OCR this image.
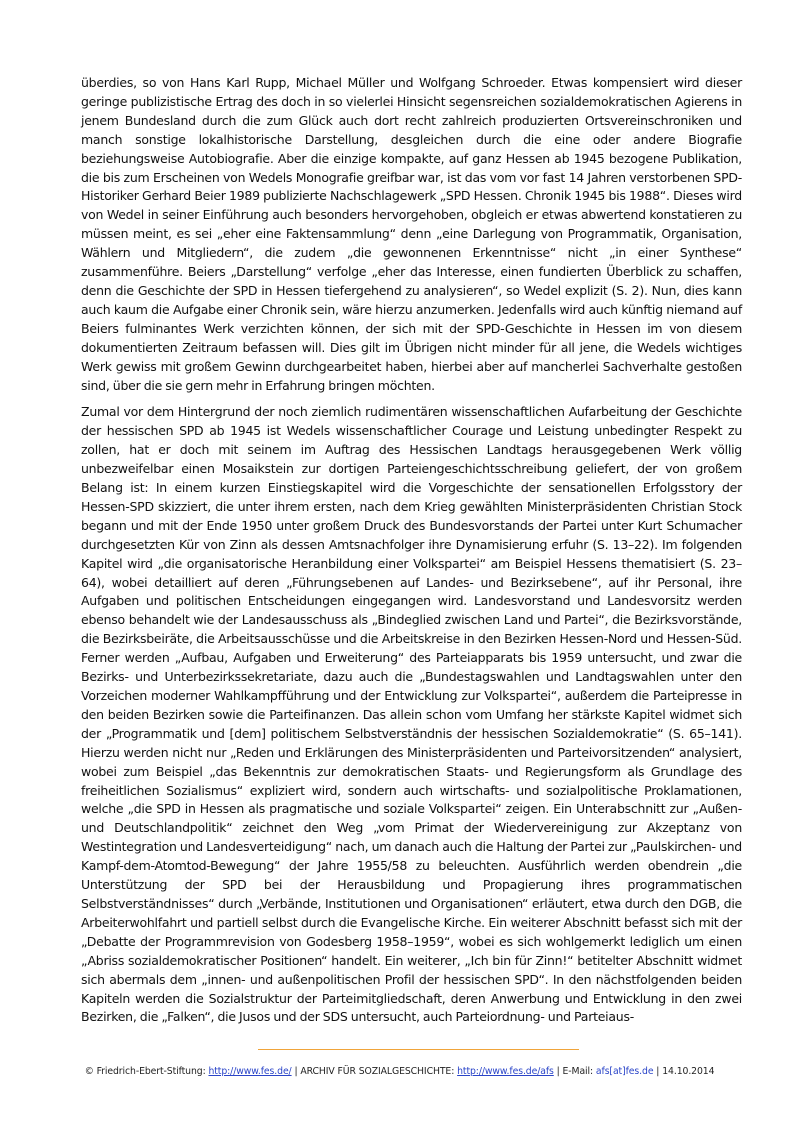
überdies, so von Hans Karl Rupp, Michael Müller und Wolfgang Schroeder. Etwas kompensiert wird dieser geringe publizistische Ertrag des doch in so vielerlei Hinsicht segensreichen sozialdemokratischen Agierens in jenem Bundesland durch die zum Glück auch dort recht zahlreich produzierten Ortsvereinschroniken und manch sonstige lokalhistorische Darstellung, desgleichen durch die eine oder andere Biografie beziehungsweise Autobiografie. Aber die einzige kompakte, auf ganz Hessen ab 1945 bezogene Publikation, die bis zum Erscheinen von Wedels Monografie greifbar war, ist das vom vor fast 14 Jahren verstorbenen SPD-Historiker Gerhard Beier 1989 publizierte Nachschlagewerk „SPD Hessen. Chronik 1945 bis 1988“. Dieses wird von Wedel in seiner Einführung auch besonders hervorgehoben, obgleich er etwas abwertend konstatieren zu müssen meint, es sei „eher eine Faktensammlung“ denn „eine Darlegung von Programmatik, Organisation, Wählern und Mitgliedern“, die zudem „die gewonnenen Erkenntnisse“ nicht „in einer Synthese“ zusammenführe. Beiers „Darstellung“ verfolge „eher das Interesse, einen fundierten Überblick zu schaffen, denn die Geschichte der SPD in Hessen tiefergehend zu analysieren“, so Wedel explizit (S. 2). Nun, dies kann auch kaum die Aufgabe einer Chronik sein, wäre hierzu anzumerken. Jedenfalls wird auch künftig niemand auf Beiers fulminantes Werk verzichten können, der sich mit der SPD-Geschichte in Hessen im von diesem dokumentierten Zeitraum befassen will. Dies gilt im Übrigen nicht minder für all jene, die Wedels wichtiges Werk gewiss mit großem Gewinn durchgearbeitet haben, hierbei aber auf mancherlei Sachverhalte gestoßen sind, über die sie gern mehr in Erfahrung bringen möchten.

Zumal vor dem Hintergrund der noch ziemlich rudimentären wissenschaftlichen Aufarbeitung der Geschichte der hessischen SPD ab 1945 ist Wedels wissenschaftlicher Courage und Leistung unbedingter Respekt zu zollen, hat er doch mit seinem im Auftrag des Hessischen Landtags herausgegebenen Werk völlig unbezweifelbar einen Mosaikstein zur dortigen Parteiengeschichtsschreibung geliefert, der von großem Belang ist: In einem kurzen Einstiegskapitel wird die Vorgeschichte der sensationellen Erfolgsstory der Hessen-SPD skizziert, die unter ihrem ersten, nach dem Krieg gewählten Ministerpräsidenten Christian Stock begann und mit der Ende 1950 unter großem Druck des Bundesvorstands der Partei unter Kurt Schumacher durchgesetzten Kür von Zinn als dessen Amtsnachfolger ihre Dynamisierung erfuhr (S. 13–22). Im folgenden Kapitel wird „die organisatorische Heranbildung einer Volkspartei“ am Beispiel Hessens thematisiert (S. 23–64), wobei detailliert auf deren „Führungsebenen auf Landes- und Bezirksebene“, auf ihr Personal, ihre Aufgaben und politischen Entscheidungen eingegangen wird. Landesvorstand und Landesvorsitz werden ebenso behandelt wie der Landesausschuss als „Bindeglied zwischen Land und Partei“, die Bezirksvorstände, die Bezirksbeiräte, die Arbeitsausschüsse und die Arbeitskreise in den Bezirken Hessen-Nord und Hessen-Süd. Ferner werden „Aufbau, Aufgaben und Erweiterung“ des Parteiapparats bis 1959 untersucht, und zwar die Bezirks- und Unterbezirkssekretariate, dazu auch die „Bundestagswahlen und Landtagswahlen unter den Vorzeichen moderner Wahlkampfführung und der Entwicklung zur Volkspartei“, außerdem die Parteipresse in den beiden Bezirken sowie die Parteifinanzen. Das allein schon vom Umfang her stärkste Kapitel widmet sich der „Programmatik und [dem] politischem Selbstverständnis der hessischen Sozialdemokratie“ (S. 65–141). Hierzu werden nicht nur „Reden und Erklärungen des Ministerpräsidenten und Parteivorsitzenden“ analysiert, wobei zum Beispiel „das Bekenntnis zur demokratischen Staats- und Regierungsform als Grundlage des freiheitlichen Sozialismus“ expliziert wird, sondern auch wirtschafts- und sozialpolitische Proklamationen, welche „die SPD in Hessen als pragmatische und soziale Volkspartei“ zeigen. Ein Unterabschnitt zur „Außen- und Deutschlandpolitik“ zeichnet den Weg „vom Primat der Wiedervereinigung zur Akzeptanz von Westintegration und Landesverteidigung“ nach, um danach auch die Haltung der Partei zur „Paulskirchen- und Kampf-dem-Atomtod-Bewegung“ der Jahre 1955/58 zu beleuchten. Ausführlich werden obendrein „die Unterstützung der SPD bei der Herausbildung und Propagierung ihres programmatischen Selbstverständnisses“ durch „Verbände, Institutionen und Organisationen“ erläutert, etwa durch den DGB, die Arbeiterwohlfahrt und partiell selbst durch die Evangelische Kirche. Ein weiterer Abschnitt befasst sich mit der „Debatte der Programmrevision von Godesberg 1958–1959“, wobei es sich wohlgemerkt lediglich um einen „Abriss sozialdemokratischer Positionen“ handelt. Ein weiterer, „Ich bin für Zinn!“ betitelter Abschnitt widmet sich abermals dem „innen- und außenpolitischen Profil der hessischen SPD“. In den nächstfolgenden beiden Kapiteln werden die Sozialstruktur der Parteimitgliedschaft, deren Anwerbung und Entwicklung in den zwei Bezirken, die „Falken“, die Jusos und der SDS untersucht, auch Parteiordnung- und Parteiaus-

© Friedrich-Ebert-Stiftung: http://www.fes.de/ | ARCHIV FÜR SOZIALGESCHICHTE: http://www.fes.de/afs | E-Mail: afs[at]fes.de | 14.10.2014
